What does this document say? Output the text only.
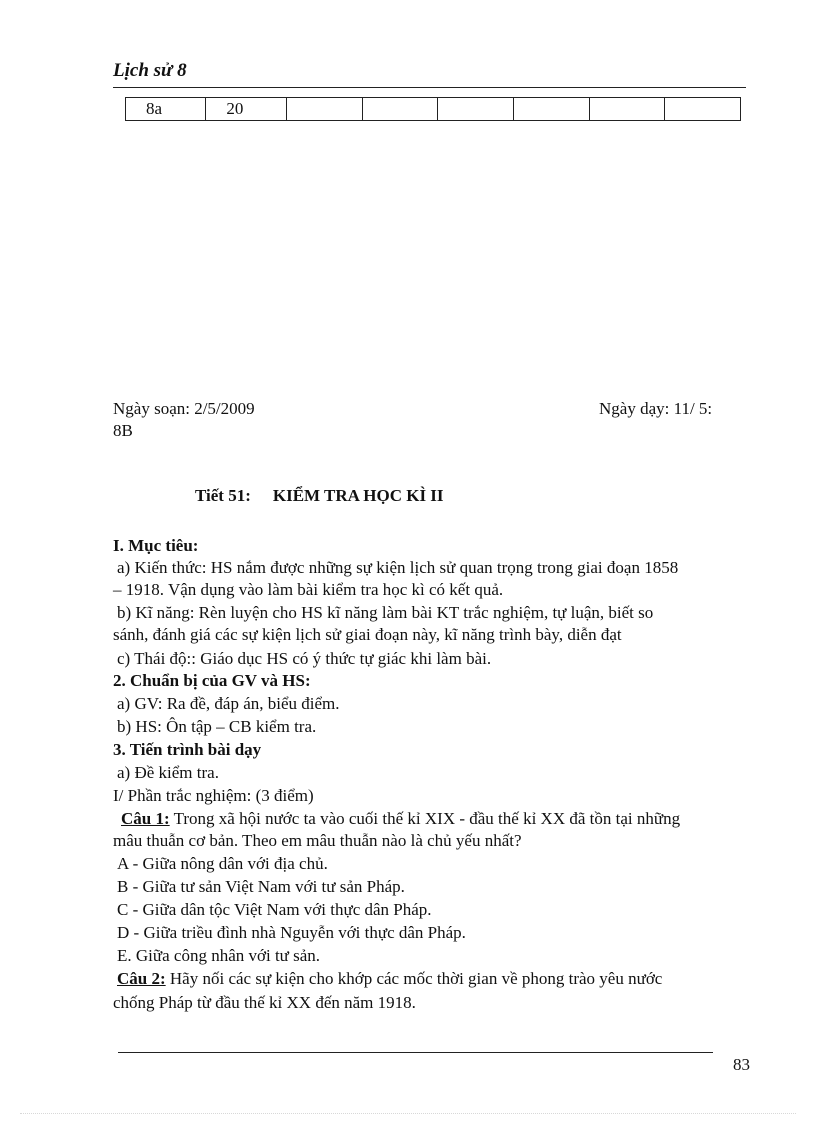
Lịch sử 8
8a	20						
Ngày soạn: 2/5/2009	Ngày dạy: 11/ 5:
8B
Tiết 51: KIỂM TRA HỌC KÌ II
I. Mục tiêu:
a) Kiến thức: HS nắm được những sự kiện lịch sử quan trọng trong giai đoạn 1858
– 1918. Vận dụng vào làm bài kiểm tra học kì có kết quả.
b) Kĩ năng: Rèn luyện cho HS kĩ năng làm bài KT trắc nghiệm, tự luận, biết so
sánh, đánh giá các sự kiện lịch sử giai đoạn này, kĩ năng trình bày, diễn đạt
c) Thái độ:: Giáo dục HS có ý thức tự giác khi làm bài.
2. Chuẩn bị của GV và HS:
a) GV: Ra đề, đáp án, biểu điểm.
b) HS: Ôn tập – CB kiểm tra.
3. Tiến trình bài dạy
a) Đề kiểm tra.
I/ Phần trắc nghiệm: (3 điểm)
Câu 1: Trong xã hội nước ta vào cuối thế kỉ XIX - đầu thế kỉ XX đã tồn tại những
mâu thuẫn cơ bản. Theo em mâu thuẫn nào là chủ yếu nhất?
A - Giữa nông dân với địa chủ.
B - Giữa tư sản Việt Nam với tư sản Pháp.
C - Giữa dân tộc Việt Nam với thực dân Pháp.
D - Giữa triều đình nhà Nguyễn với thực dân Pháp.
E. Giữa công nhân với tư sản.
Câu 2: Hãy nối các sự kiện cho khớp các mốc thời gian về phong trào yêu nước
chống Pháp từ đầu thế kỉ XX đến năm 1918.
83
